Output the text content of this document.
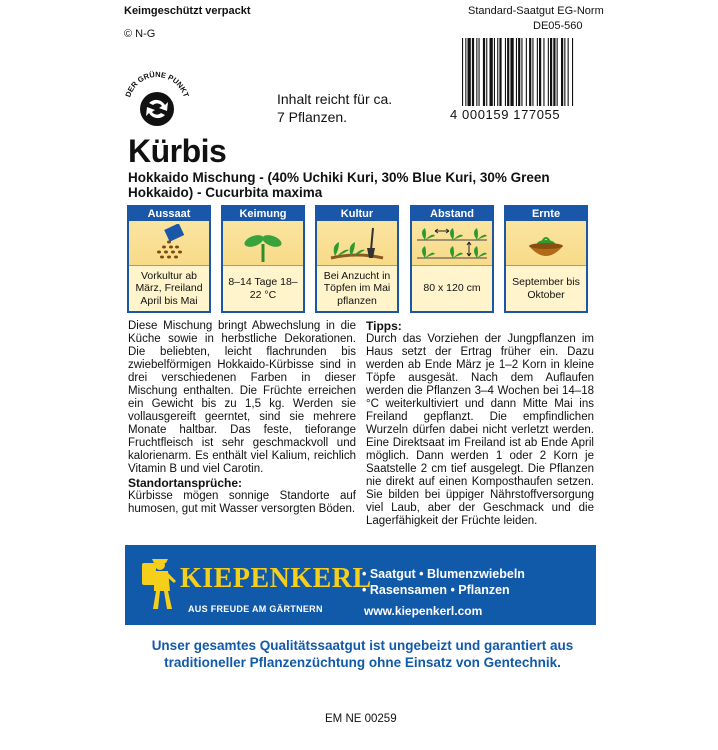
Keimgeschützt verpackt
© N-G
Standard-Saatgut EG-Norm
DE05-560
DER GRÜNE PUNKT
4 000159 177055
Inhalt reicht für ca. 7 Pflanzen.
Kürbis
Hokkaido Mischung - (40% Uchiki Kuri, 30% Blue Kuri, 30% Green Hokkaido) - Cucurbita maxima
Aussaat
Vorkultur ab März, Freiland April bis Mai
Keimung
8–14 Tage 18–22 °C
Kultur
Bei Anzucht in Töpfen im Mai pflanzen
Abstand
80 x 120 cm
Ernte
September bis Oktober
Diese Mischung bringt Abwechslung in die Küche sowie in herbstliche Dekorationen. Die beliebten, leicht flachrunden bis zwiebelförmigen Hokkaido-Kürbisse sind in drei verschiedenen Farben in dieser Mischung enthalten. Die Früchte erreichen ein Gewicht bis zu 1,5 kg. Werden sie vollausgereift geerntet, sind sie mehrere Monate haltbar. Das feste, tieforange Fruchtfleisch ist sehr geschmackvoll und kalorienarm. Es enthält viel Kalium, reichlich Vitamin B und viel Carotin.
Standortansprüche:
Kürbisse mögen sonnige Standorte auf humosen, gut mit Wasser versorgten Böden.
Tipps:
Durch das Vorziehen der Jungpflanzen im Haus setzt der Ertrag früher ein. Dazu werden ab Ende März je 1–2 Korn in kleine Töpfe ausgesät. Nach dem Auflaufen werden die Pflanzen 3–4 Wochen bei 14–18 °C weiterkultiviert und dann Mitte Mai ins Freiland gepflanzt. Die empfindlichen Wurzeln dürfen dabei nicht verletzt werden. Eine Direktsaat im Freiland ist ab Ende April möglich. Dann werden 1 oder 2 Korn je Saatstelle 2 cm tief ausgelegt. Die Pflanzen nie direkt auf einen Komposthaufen setzen. Sie bilden bei üppiger Nährstoffversorgung viel Laub, aber der Geschmack und die Lagerfähigkeit der Früchte leiden.
KIEPENKERL
AUS FREUDE AM GÄRTNERN
• Saatgut • Blumenzwiebeln
• Rasensamen • Pflanzen
www.kiepenkerl.com
Unser gesamtes Qualitätssaatgut ist ungebeizt und garantiert aus traditioneller Pflanzenzüchtung ohne Einsatz von Gentechnik.
EM NE 00259
